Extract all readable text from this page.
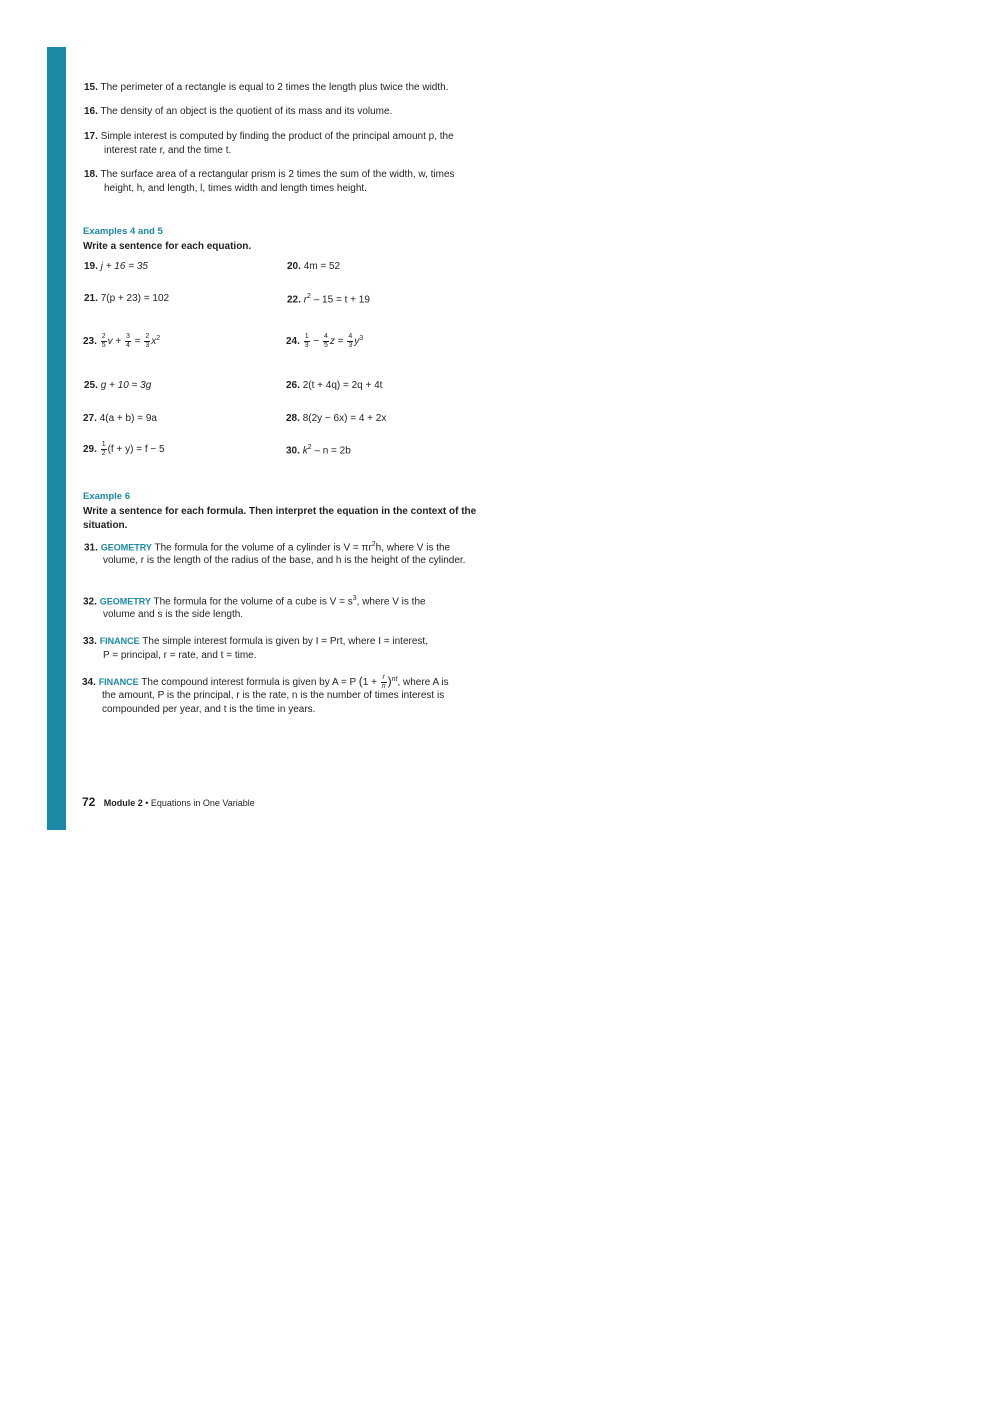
15. The perimeter of a rectangle is equal to 2 times the length plus twice the width.
16. The density of an object is the quotient of its mass and its volume.
17. Simple interest is computed by finding the product of the principal amount p, the
interest rate r, and the time t.
18. The surface area of a rectangular prism is 2 times the sum of the width, w, times
height, h, and length, l, times width and length times height.
Examples 4 and 5
Write a sentence for each equation.
19. j + 16 = 35	20. 4m = 52
21. 7(p + 23) = 102	22. $r^2 - 15 = t + 19$
23. $\frac{2}{5}$ $v + \frac{3}{4} = \frac{2}{3} x^2$	24. $\frac{1}{3} - \frac{4}{5}$ $z = \frac{4}{3} y^3$
25. g + 10 = 3g	26. 2(t + 4q) = 2q + 4t
27. 4(a + b) = 9a	28. 8(2y − 6x) = 4 + 2x
29. $\frac{1}{2} (f + y) = f - 5$	30. $k^2 - n = 2b$
Example 6
Write a sentence for each formula. Then interpret the equation in the context of the
situation.
31. GEOMETRY The formula for the volume of a cylinder is $V = \pi r^2h$, where V is the
volume, r is the length of the radius of the base, and h is the height of the cylinder.
32. GEOMETRY The formula for the volume of a cube is $V = s^3$, where V is the
volume and s is the side length.
33. FINANCE The simple interest formula is given by I = Prt, where I = interest,
P = principal, r = rate, and t = time.
34. FINANCE The compound interest formula is given by A = P $(1 + \frac{r}{n} )^{nt}$, where A is
the amount, P is the principal, r is the rate, n is the number of times interest is
compounded per year, and t is the time in years.
72 Module 2 • Equations in One Variable
